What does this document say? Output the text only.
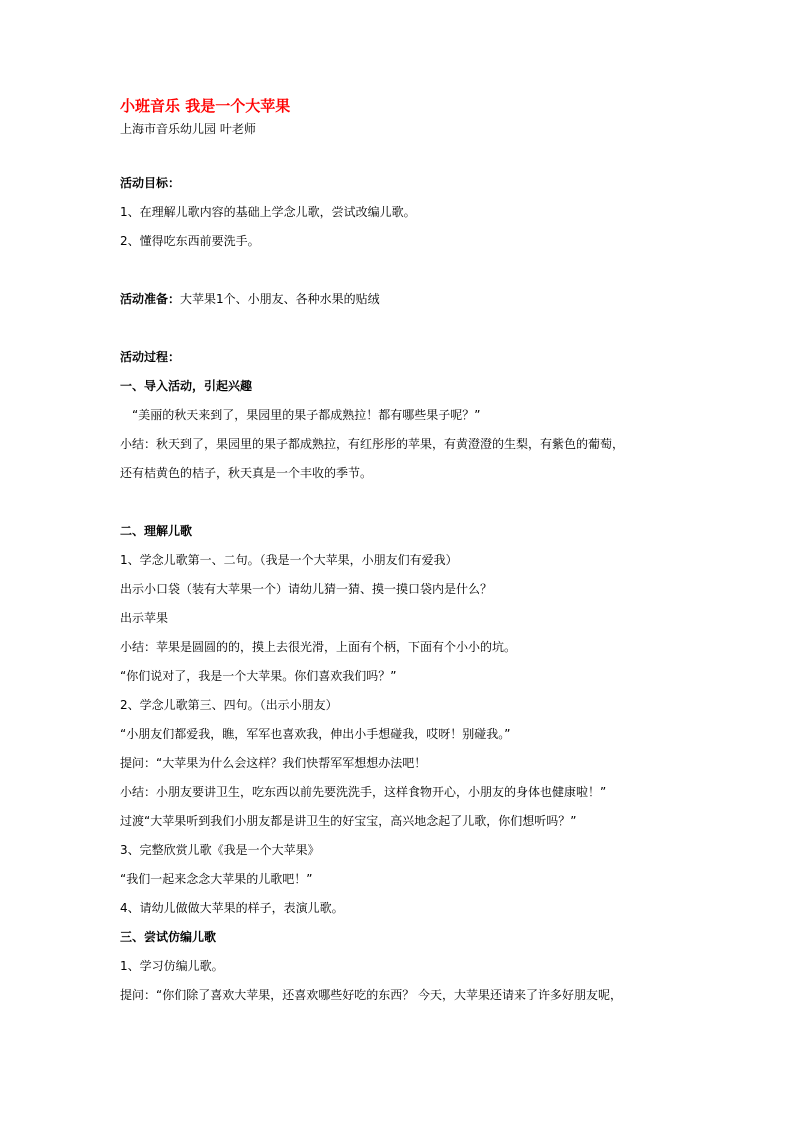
小班音乐 我是一个大苹果

上海市音乐幼儿园 叶老师

活动目标：

1、在理解儿歌内容的基础上学念儿歌，尝试改编儿歌。

2、懂得吃东西前要洗手。

活动准备：大苹果1个、小朋友、各种水果的贴绒

活动过程：

一、导入活动，引起兴趣

“美丽的秋天来到了，果园里的果子都成熟拉！都有哪些果子呢？”

小结：秋天到了，果园里的果子都成熟拉，有红彤彤的苹果，有黄澄澄的生梨，有紫色的葡萄，

还有桔黄色的桔子，秋天真是一个丰收的季节。

二、理解儿歌

1、学念儿歌第一、二句。（我是一个大苹果，小朋友们有爱我）

出示小口袋（装有大苹果一个）请幼儿猜一猜、摸一摸口袋内是什么？

出示苹果

小结：苹果是圆圆的的，摸上去很光滑，上面有个柄，下面有个小小的坑。

“你们说对了，我是一个大苹果。你们喜欢我们吗？”

2、学念儿歌第三、四句。（出示小朋友）

“小朋友们都爱我，瞧，军军也喜欢我，伸出小手想碰我，哎呀！别碰我。”

提问：“大苹果为什么会这样？我们快帮军军想想办法吧！

小结：小朋友要讲卫生，吃东西以前先要洗洗手，这样食物开心，小朋友的身体也健康啦！”

过渡“大苹果听到我们小朋友都是讲卫生的好宝宝，高兴地念起了儿歌，你们想听吗？”

3、完整欣赏儿歌《我是一个大苹果》

“我们一起来念念大苹果的儿歌吧！”

4、请幼儿做做大苹果的样子，表演儿歌。

三、尝试仿编儿歌

1、学习仿编儿歌。

提问：“你们除了喜欢大苹果，还喜欢哪些好吃的东西？ 今天，大苹果还请来了许多好朋友呢，
